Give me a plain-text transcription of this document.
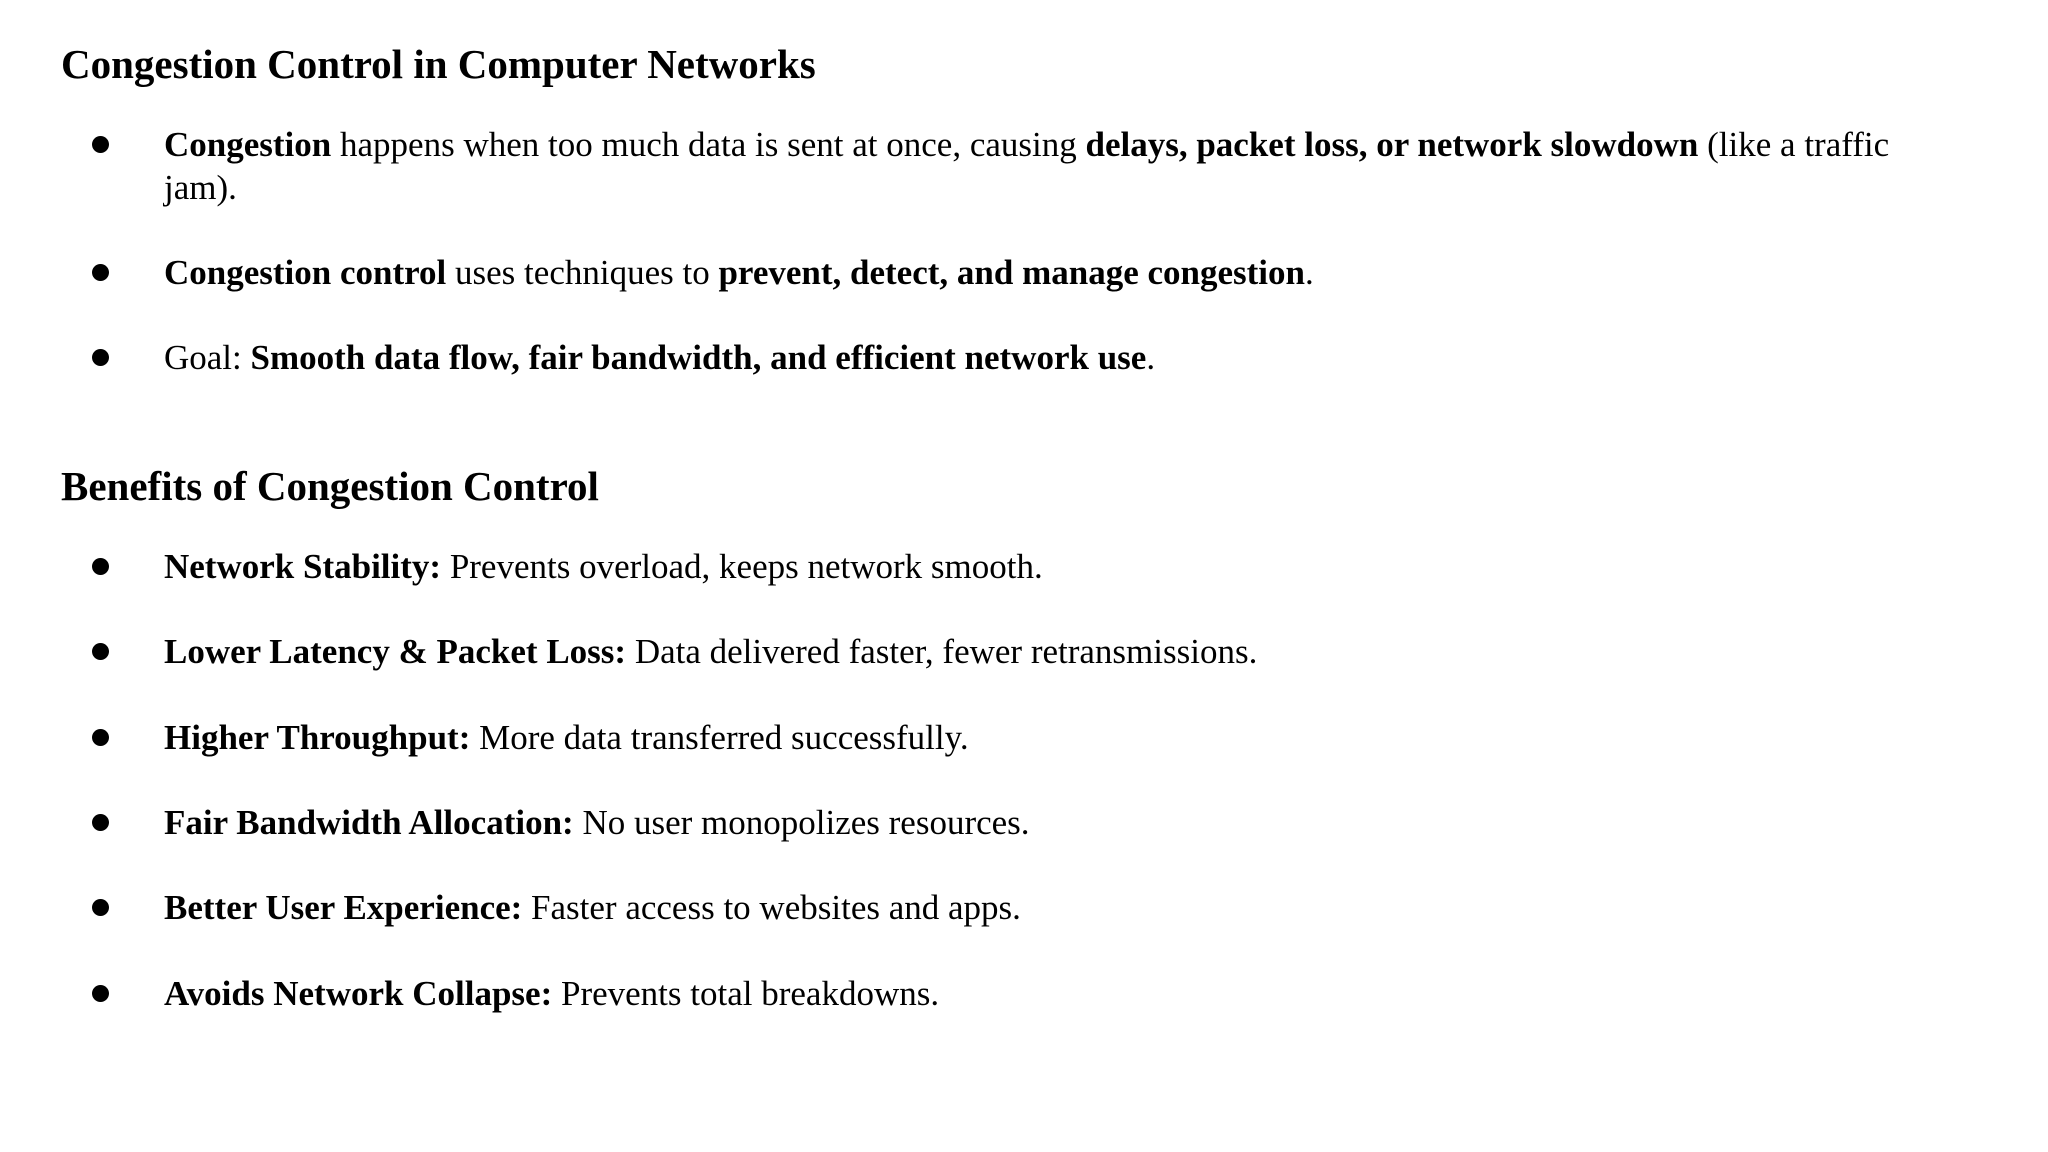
Congestion Control in Computer Networks
Congestion happens when too much data is sent at once, causing delays, packet loss, or network slowdown (like a traffic jam).
Congestion control uses techniques to prevent, detect, and manage congestion.
Goal: Smooth data flow, fair bandwidth, and efficient network use.
Benefits of Congestion Control
Network Stability: Prevents overload, keeps network smooth.
Lower Latency & Packet Loss: Data delivered faster, fewer retransmissions.
Higher Throughput: More data transferred successfully.
Fair Bandwidth Allocation: No user monopolizes resources.
Better User Experience: Faster access to websites and apps.
Avoids Network Collapse: Prevents total breakdowns.
